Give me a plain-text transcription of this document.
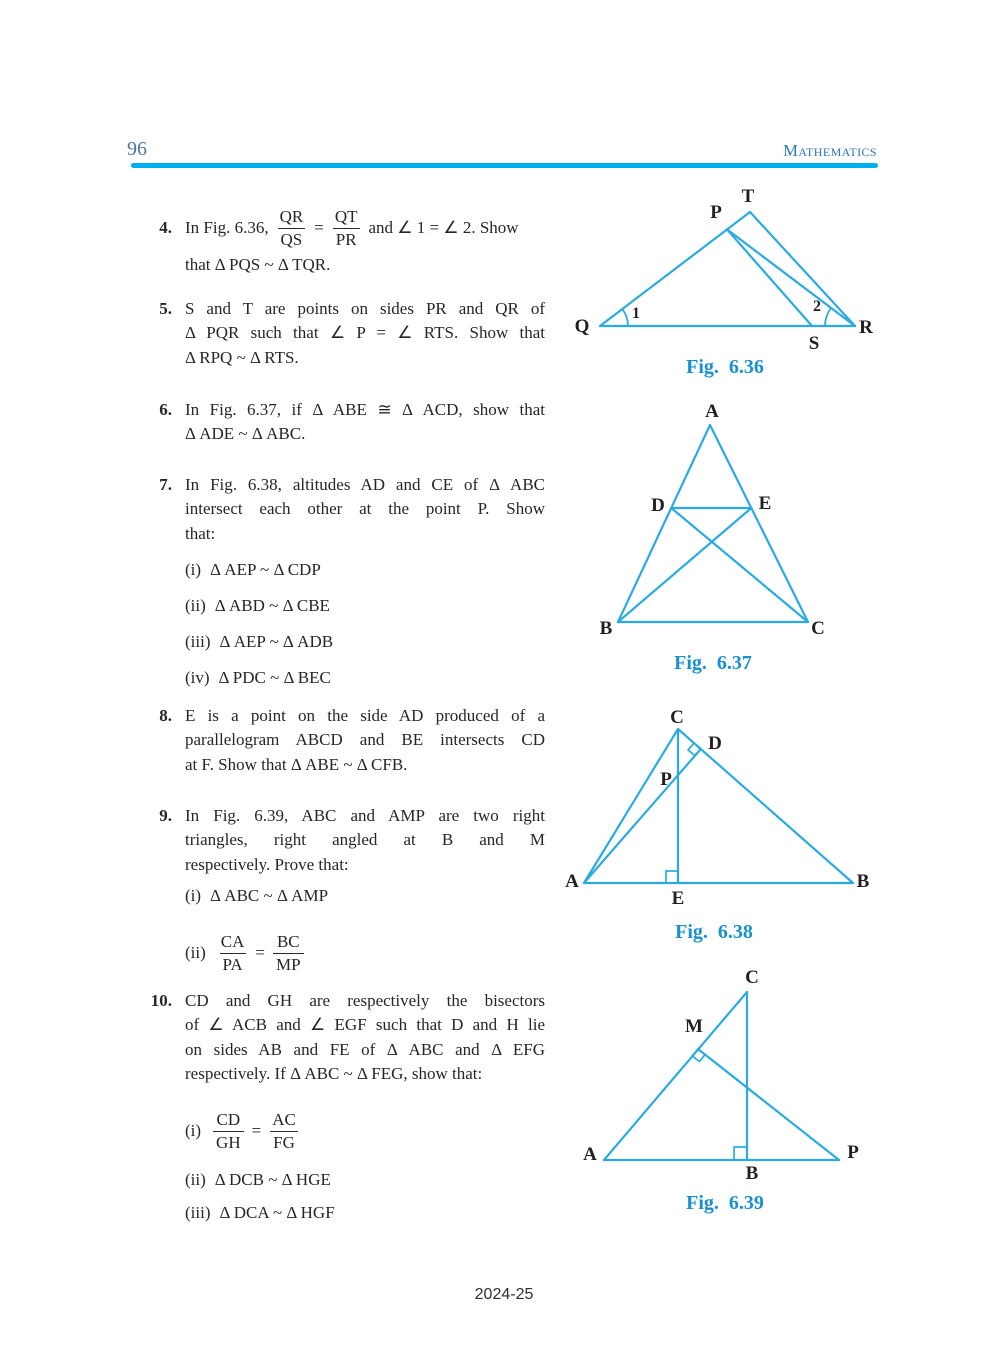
96	Mathematics
4. In Fig. 6.36, $\frac{QR}{QS} = \frac{QT}{PR}$ and ∠ 1 = ∠ 2. Show
that Δ PQS ~ Δ TQR.
5. S and T are points on sides PR and QR of
Δ PQR such that ∠ P = ∠ RTS. Show that
Δ RPQ ~ Δ RTS.
6. In Fig. 6.37, if Δ ABE ≅ Δ ACD, show that
Δ ADE ~ Δ ABC.
7. In Fig. 6.38, altitudes AD and CE of Δ ABC
intersect each other at the point P. Show
that:
(i) Δ AEP ~ Δ CDP
(ii) Δ ABD ~ Δ CBE
(iii) Δ AEP ~ Δ ADB
(iv) Δ PDC ~ Δ BEC
8. E is a point on the side AD produced of a
parallelogram ABCD and BE intersects CD
at F. Show that Δ ABE ~ Δ CFB.
9. In Fig. 6.39, ABC and AMP are two right
triangles, right angled at B and M
respectively. Prove that:
(i) Δ ABC ~ Δ AMP
$(ii) \frac{CA}{PA} = \frac{BC}{MP}$
10. CD and GH are respectively the bisectors
of ∠ ACB and ∠ EGF such that D and H lie
on sides AB and FE of Δ ABC and Δ EFG
respectively. If Δ ABC ~ Δ FEG, show that:
$(i) \frac{CD}{GH} = \frac{AC}{FG}$
(ii) Δ DCB ~ Δ HGE
(iii) Δ DCA ~ Δ HGF
T
P
Q	R
S
1	2
Fig. 6.36
A
D	E
B	C
Fig. 6.37
C
D
P
A	B
E
Fig. 6.38
C
M
A	P
B
Fig. 6.39
2024-25
